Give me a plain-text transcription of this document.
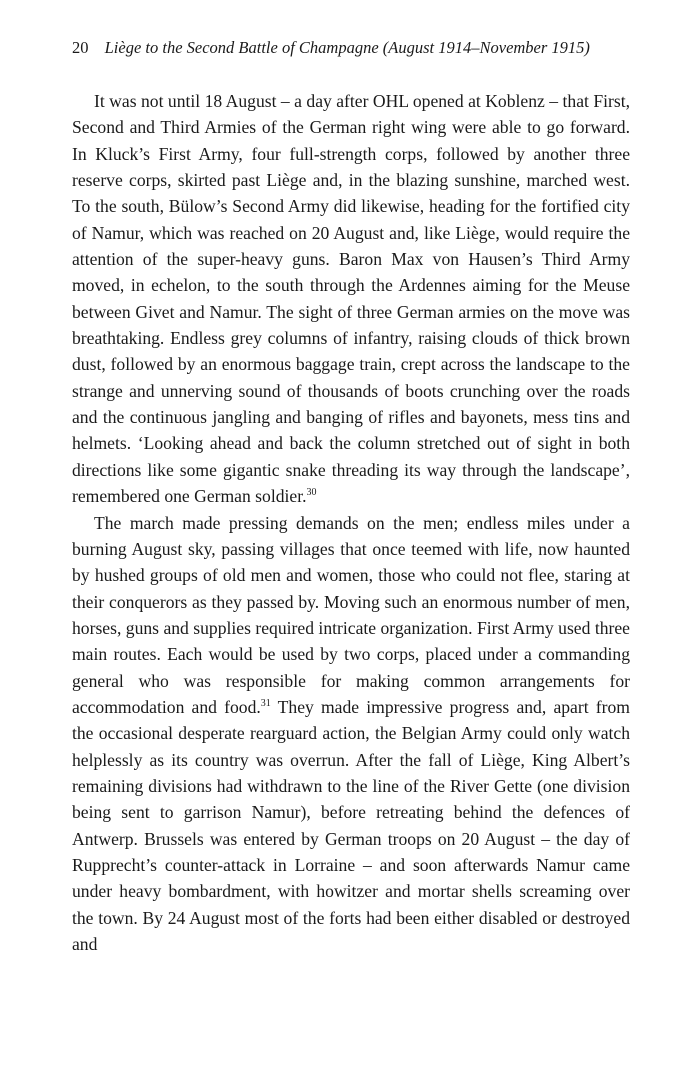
20 Liège to the Second Battle of Champagne (August 1914–November 1915)

It was not until 18 August – a day after OHL opened at Koblenz – that First, Second and Third Armies of the German right wing were able to go forward. In Kluck’s First Army, four full-strength corps, followed by another three reserve corps, skirted past Liège and, in the blazing sunshine, marched west. To the south, Bülow’s Second Army did likewise, heading for the fortified city of Namur, which was reached on 20 August and, like Liège, would require the attention of the super-heavy guns. Baron Max von Hausen’s Third Army moved, in echelon, to the south through the Ardennes aiming for the Meuse between Givet and Namur. The sight of three German armies on the move was breathtaking. Endless grey columns of infantry, raising clouds of thick brown dust, followed by an enormous baggage train, crept across the landscape to the strange and unnerving sound of thousands of boots crunching over the roads and the continuous jangling and banging of rifles and bayonets, mess tins and helmets. ‘Looking ahead and back the column stretched out of sight in both directions like some gigantic snake threading its way through the landscape’, remembered one German soldier.$^{30}$

The march made pressing demands on the men; endless miles under a burning August sky, passing villages that once teemed with life, now haunted by hushed groups of old men and women, those who could not flee, staring at their conquerors as they passed by. Moving such an enormous number of men, horses, guns and supplies required intricate organization. First Army used three main routes. Each would be used by two corps, placed under a commanding general who was responsible for making common arrangements for accommodation and food.$^{31}$ They made impressive progress and, apart from the occasional desperate rearguard action, the Belgian Army could only watch helplessly as its country was overrun. After the fall of Liège, King Albert’s remaining divisions had withdrawn to the line of the River Gette (one division being sent to garrison Namur), before retreating behind the defences of Antwerp. Brussels was entered by German troops on 20 August – the day of Rupprecht’s counter-attack in Lorraine – and soon afterwards Namur came under heavy bombardment, with howitzer and mortar shells screaming over the town. By 24 August most of the forts had been either disabled or destroyed and
